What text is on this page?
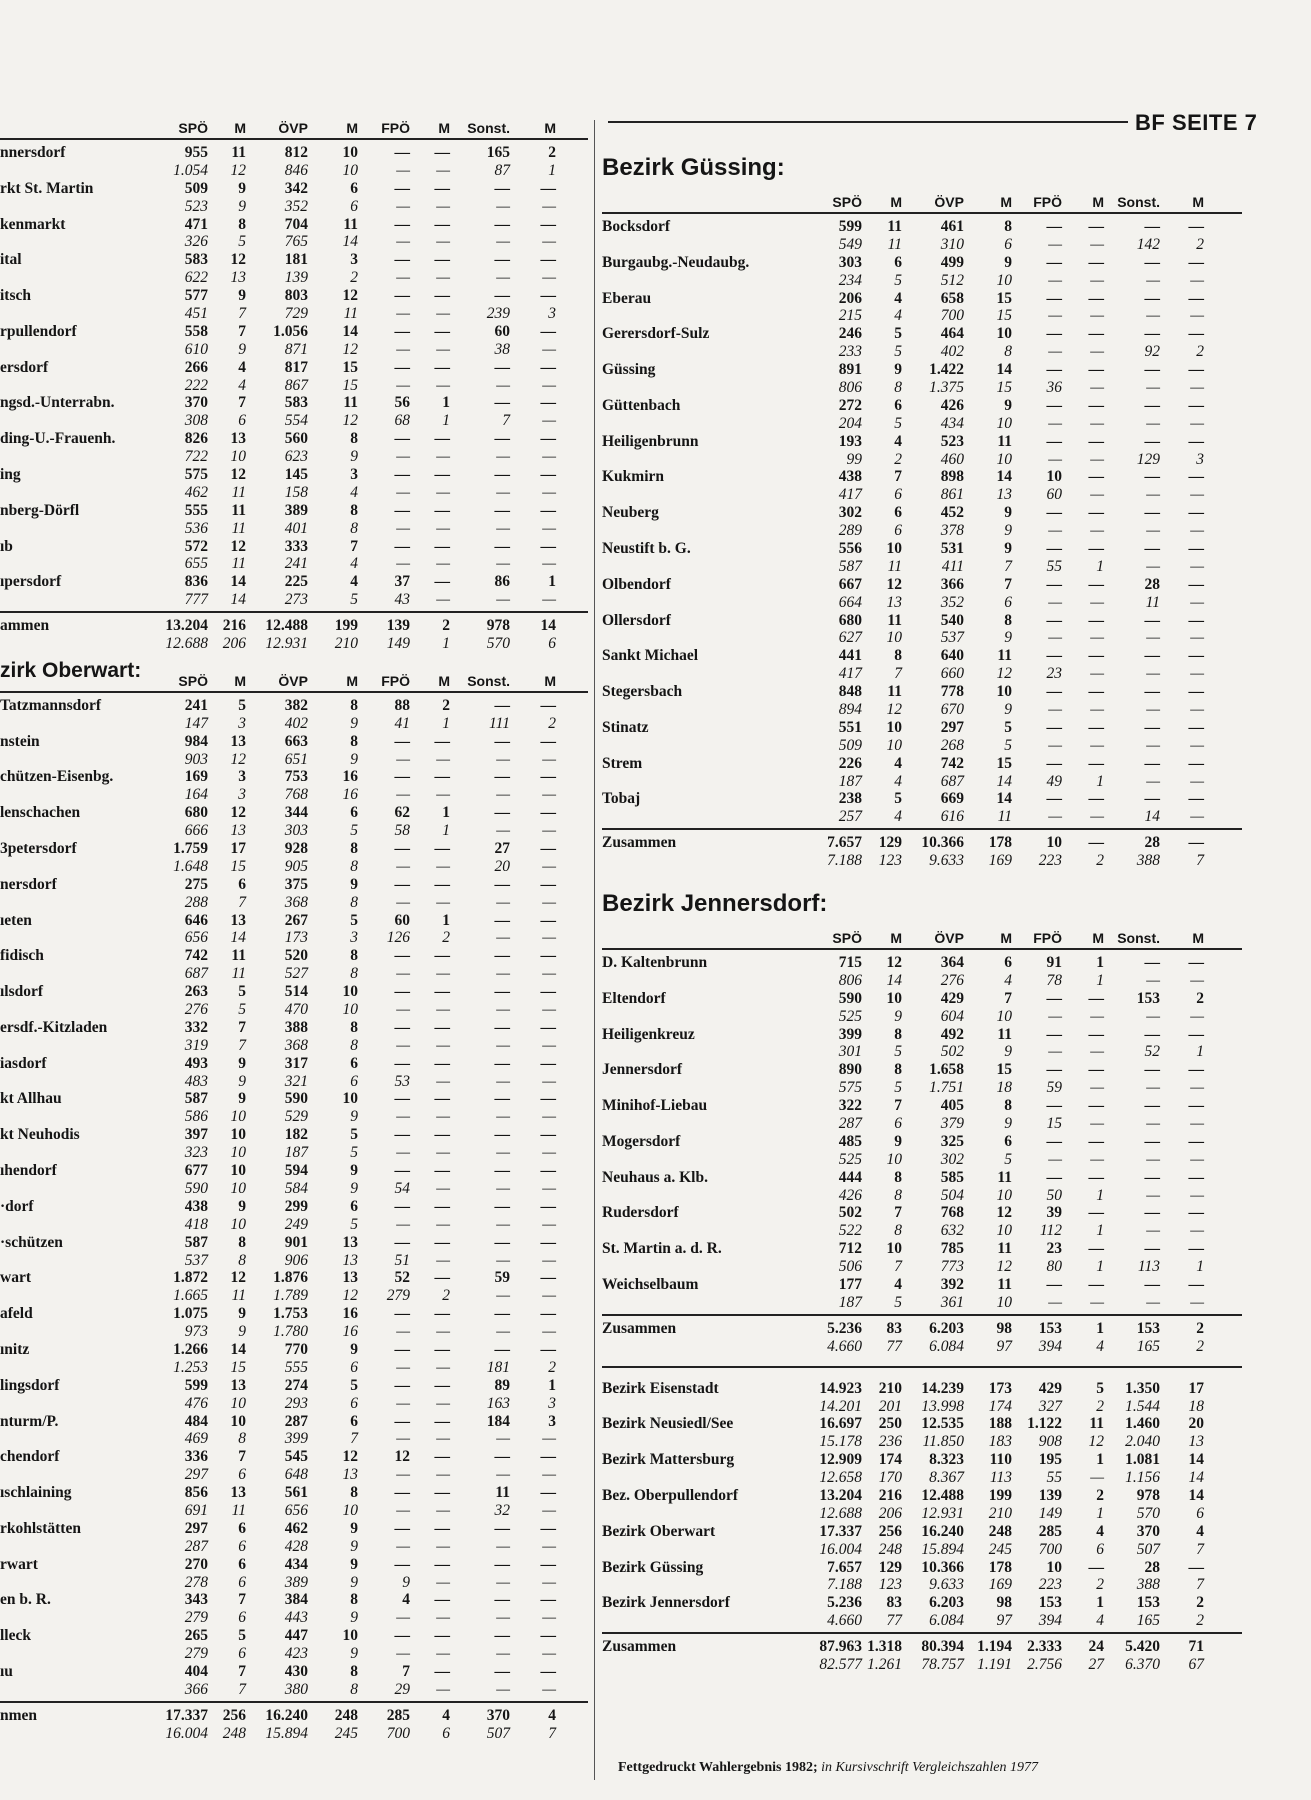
BF SEITE 7
SPÖ	M	ÖVP	M	FPÖ	M	Sonst.	M
nnersdorf	955	11	812	10	—	—	165	2
1.054	12	846	10	—	—	87	1
rkt St. Martin	509	9	342	6	—	—	—	—
523	9	352	6	—	—	—	—
kenmarkt	471	8	704	11	—	—	—	—
326	5	765	14	—	—	—	—
ital	583	12	181	3	—	—	—	—
622	13	139	2	—	—	—	—
itsch	577	9	803	12	—	—	—	—
451	7	729	11	—	—	239	3
rpullendorf	558	7	1.056	14	—	—	60	—
610	9	871	12	—	—	38	—
ersdorf	266	4	817	15	—	—	—	—
222	4	867	15	—	—	—	—
ngsd.-Unterrabn.	370	7	583	11	56	1	—	—
308	6	554	12	68	1	7	—
ding-U.-Frauenh.	826	13	560	8	—	—	—	—
722	10	623	9	—	—	—	—
ing	575	12	145	3	—	—	—	—
462	11	158	4	—	—	—	—
nberg-Dörfl	555	11	389	8	—	—	—	—
536	11	401	8	—	—	—	—
ıb	572	12	333	7	—	—	—	—
655	11	241	4	—	—	—	—
ıpersdorf	836	14	225	4	37	—	86	1
777	14	273	5	43	—	—	—
ammen	13.204 216	12.488	199	139	2	978	14
12.688 206	12.931	210	149	1	570	6
zirk Oberwart:	SPÖ	M	ÖVP	M	FPÖ	M	Sonst.	M
Tatzmannsdorf	241	5	382	8	88	2	—	—
147	3	402	9	41	1	111	2
nstein	984	13	663	8	—	—	—	—
903	12	651	9	—	—	—	—
chützen-Eisenbg.	169	3	753	16	—	—	—	—
164	3	768	16	—	—	—	—
lenschachen	680	12	344	6	62	1	—	—
666	13	303	5	58	1	—	—
3petersdorf	1.759	17	928	8	—	—	27	—
1.648	15	905	8	—	—	20	—
nersdorf	275	6	375	9	—	—	—	—
288	7	368	8	—	—	—	—
ıeten	646	13	267	5	60	1	—	—
656	14	173	3	126	2	—	—
fidisch	742	11	520	8	—	—	—	—
687	11	527	8	—	—	—	—
ılsdorf	263	5	514	10	—	—	—	—
276	5	470	10	—	—	—	—
ersdf.-Kitzladen	332	7	388	8	—	—	—	—
319	7	368	8	—	—	—	—
iasdorf	493	9	317	6	—	—	—	—
483	9	321	6	53	—	—	—
kt Allhau	587	9	590	10	—	—	—	—
586	10	529	9	—	—	—	—
kt Neuhodis	397	10	182	5	—	—	—	—
323	10	187	5	—	—	—	—
ıhendorf	677	10	594	9	—	—	—	—
590	10	584	9	54	—	—	—
·dorf	438	9	299	6	—	—	—	—
418	10	249	5	—	—	—	—
·schützen	587	8	901	13	—	—	—	—
537	8	906	13	51	—	—	—
wart	1.872	12	1.876	13	52	—	59	—
1.665	11	1.789	12	279	2	—	—
afeld	1.075	9	1.753	16	—	—	—	—
973	9	1.780	16	—	—	—	—
ınitz	1.266	14	770	9	—	—	—	—
1.253	15	555	6	—	—	181	2
lingsdorf	599	13	274	5	—	—	89	1
476	10	293	6	—	—	163	3
nturm/P.	484	10	287	6	—	—	184	3
469	8	399	7	—	—	—	—
chendorf	336	7	545	12	12	—	—	—
297	6	648	13	—	—	—	—
ıschlaining	856	13	561	8	—	—	11	—
691	11	656	10	—	—	32	—
rkohlstätten	297	6	462	9	—	—	—	—
287	6	428	9	—	—	—	—
rwart	270	6	434	9	—	—	—	—
278	6	389	9	9	—	—	—
en b. R.	343	7	384	8	4	—	—	—
279	6	443	9	—	—	—	—
lleck	265	5	447	10	—	—	—	—
279	6	423	9	—	—	—	—
ıu	404	7	430	8	7	—	—	—
366	7	380	8	29	—	—	—
nmen	17.337 256	16.240	248	285	4	370	4
16.004 248	15.894	245	700	6	507	7
Bezirk Güssing:
SPÖ	M	ÖVP	M	FPÖ	M Sonst.	M
Bocksdorf	599	11	461	8	—	—	—	—
549	11	310	6	—	—	142	2
Burgaubg.-Neudaubg.	303	6	499	9	—	—	—	—
234	5	512	10	—	—	—	—
Eberau	206	4	658	15	—	—	—	—
215	4	700	15	—	—	—	—
Gerersdorf-Sulz	246	5	464	10	—	—	—	—
233	5	402	8	—	—	92	2
Güssing	891	9	1.422	14	—	—	—	—
806	8	1.375	15	36	—	—	—
Güttenbach	272	6	426	9	—	—	—	—
204	5	434	10	—	—	—	—
Heiligenbrunn	193	4	523	11	—	—	—	—
99	2	460	10	—	—	129	3
Kukmirn	438	7	898	14	10	—	—	—
417	6	861	13	60	—	—	—
Neuberg	302	6	452	9	—	—	—	—
289	6	378	9	—	—	—	—
Neustift b. G.	556	10	531	9	—	—	—	—
587	11	411	7	55	1	—	—
Olbendorf	667	12	366	7	—	—	28	—
664	13	352	6	—	—	11	—
Ollersdorf	680	11	540	8	—	—	—	—
627	10	537	9	—	—	—	—
Sankt Michael	441	8	640	11	—	—	—	—
417	7	660	12	23	—	—	—
Stegersbach	848	11	778	10	—	—	—	—
894	12	670	9	—	—	—	—
Stinatz	551	10	297	5	—	—	—	—
509	10	268	5	—	—	—	—
Strem	226	4	742	15	—	—	—	—
187	4	687	14	49	1	—	—
Tobaj	238	5	669	14	—	—	—	—
257	4	616	11	—	—	14	—
Zusammen	7.657	129	10.366	178	10	—	28	—
7.188	123	9.633	169	223	2	388	7
Bezirk Jennersdorf:
SPÖ	M	ÖVP	M	FPÖ	M Sonst.	M
D. Kaltenbrunn	715	12	364	6	91	1	—	—
806	14	276	4	78	1	—	—
Eltendorf	590	10	429	7	—	—	153	2
525	9	604	10	—	—	—	—
Heiligenkreuz	399	8	492	11	—	—	—	—
301	5	502	9	—	—	52	1
Jennersdorf	890	8	1.658	15	—	—	—	—
575	5	1.751	18	59	—	—	—
Minihof-Liebau	322	7	405	8	—	—	—	—
287	6	379	9	15	—	—	—
Mogersdorf	485	9	325	6	—	—	—	—
525	10	302	5	—	—	—	—
Neuhaus a. Klb.	444	8	585	11	—	—	—	—
426	8	504	10	50	1	—	—
Rudersdorf	502	7	768	12	39	—	—	—
522	8	632	10	112	1	—	—
St. Martin a. d. R.	712	10	785	11	23	—	—	—
506	7	773	12	80	1	113	1
Weichselbaum	177	4	392	11	—	—	—	—
187	5	361	10	—	—	—	—
Zusammen	5.236	83	6.203	98	153	1	153	2
4.660	77	6.084	97	394	4	165	2
Bezirk Eisenstadt	14.923	210	14.239	173	429	5	1.350	17
14.201	201	13.998	174	327	2	1.544	18
Bezirk Neusiedl/See	16.697	250	12.535	188 1.122	11	1.460	20
15.178	236	11.850	183	908	12	2.040	13
Bezirk Mattersburg	12.909	174	8.323	110	195	1	1.081	14
12.658	170	8.367	113	55	—	1.156	14
Bez. Oberpullendorf	13.204	216	12.488	199	139	2	978	14
12.688	206	12.931	210	149	1	570	6
Bezirk Oberwart	17.337	256	16.240	248	285	4	370	4
16.004	248	15.894	245	700	6	507	7
Bezirk Güssing	7.657	129	10.366	178	10	—	28	—
7.188	123	9.633	169	223	2	388	7
Bezirk Jennersdorf	5.236	83	6.203	98	153	1	153	2
4.660	77	6.084	97	394	4	165	2
Zusammen	87.963 1.318	80.394 1.194 2.333	24	5.420	71
82.577 1.261	78.757 1.191 2.756	27	6.370	67
Fettgedruckt Wahlergebnis 1982; in Kursivschrift Vergleichszahlen 1977
